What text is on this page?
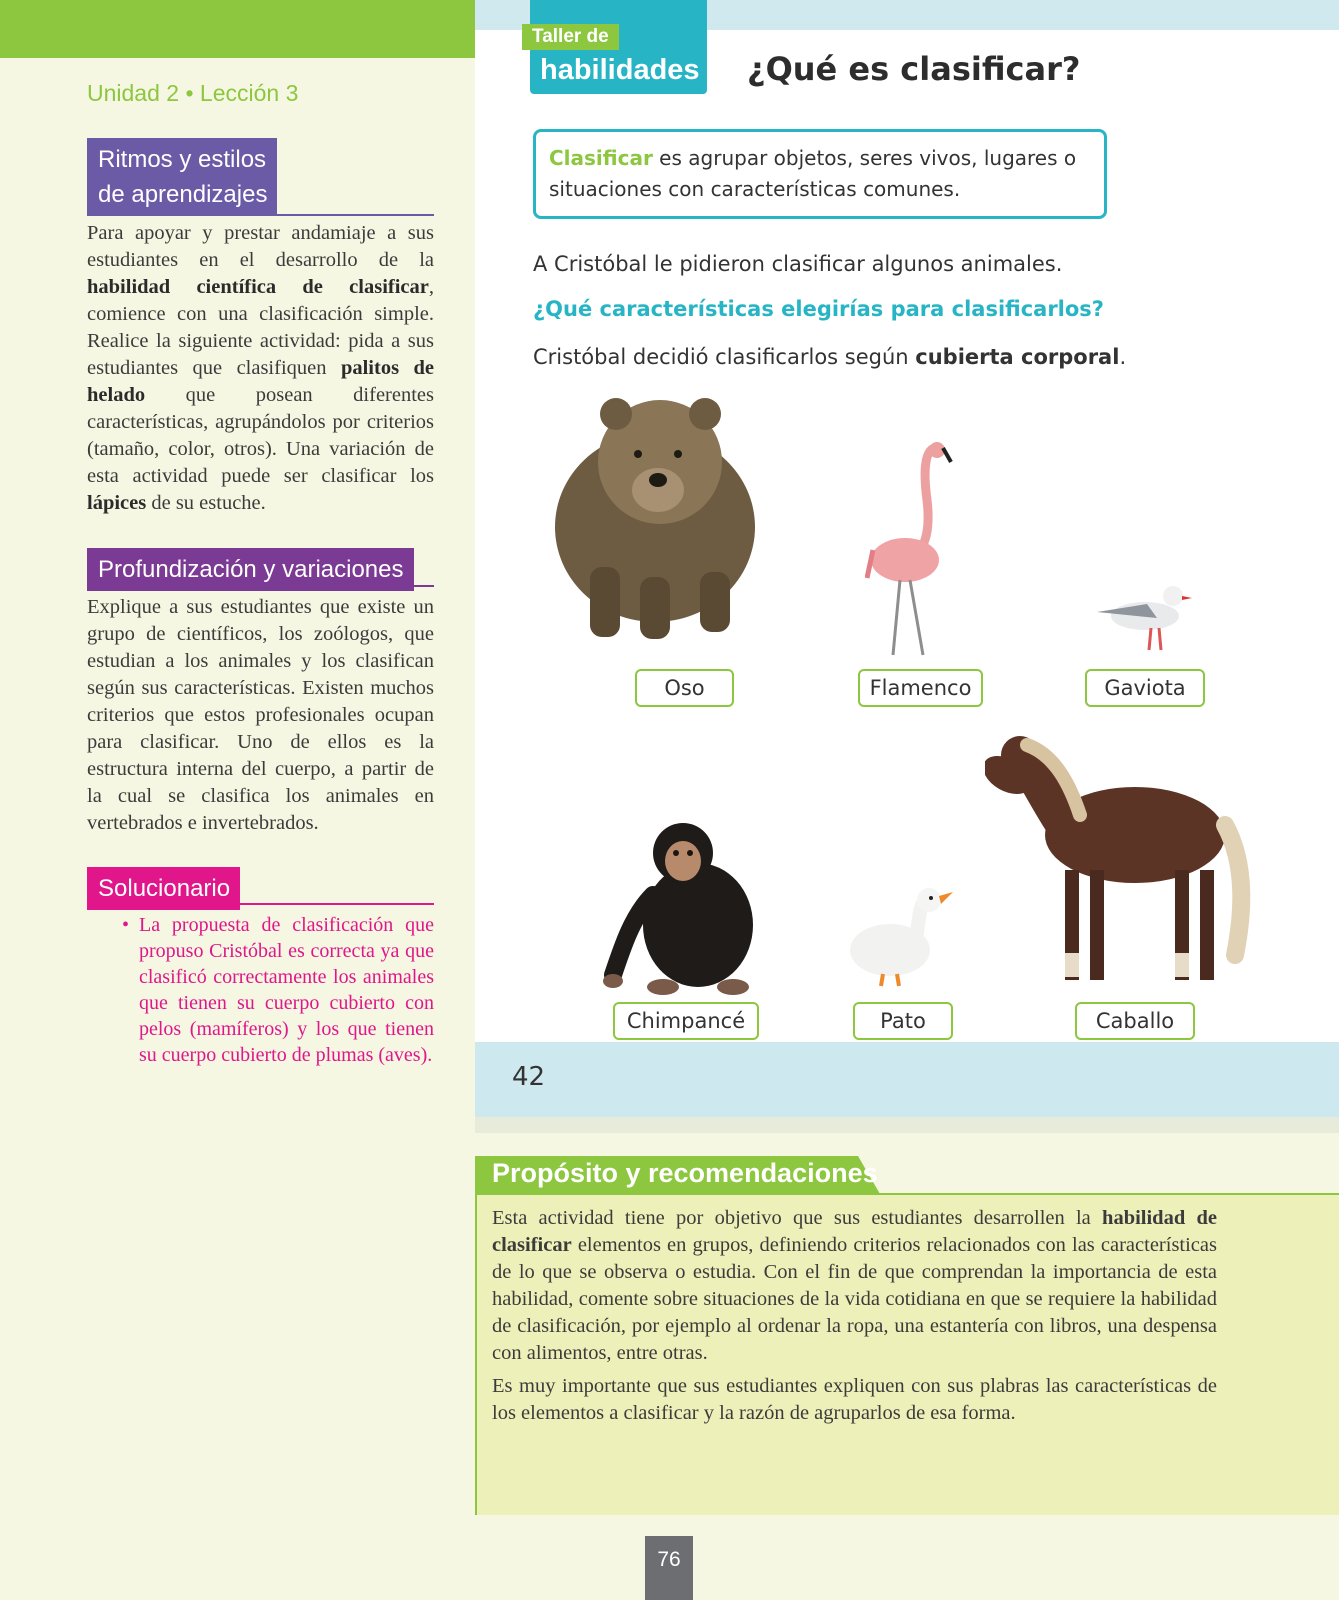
Unidad 2 • Lección 3
Ritmos y estilos
de aprendizajes
Para apoyar y prestar andamiaje a sus estudiantes en el desarrollo de la habilidad científica de clasificar, comience con una clasificación simple. Realice la siguiente actividad: pida a sus estudiantes que clasifiquen palitos de helado que posean diferentes características, agrupándolos por criterios (tamaño, color, otros). Una variación de esta actividad puede ser clasificar los lápices de su estuche.
Profundización y variaciones
Explique a sus estudiantes que existe un grupo de científicos, los zoólogos, que estudian a los animales y los clasifican según sus características. Existen muchos criterios que estos profesionales ocupan para clasificar. Uno de ellos es la estructura interna del cuerpo, a partir de la cual se clasifica los animales en vertebrados e invertebrados.
Solucionario
• La propuesta de clasificación que propuso Cristóbal es correcta ya que clasificó correctamente los animales que tienen su cuerpo cubierto con pelos (mamíferos) y los que tienen su cuerpo cubierto de plumas (aves).
Taller de
habilidades ¿Qué es clasificar?
Clasificar es agrupar objetos, seres vivos, lugares o situaciones con características comunes.
A Cristóbal le pidieron clasificar algunos animales.
¿Qué características elegirías para clasificarlos?
Cristóbal decidió clasificarlos según cubierta corporal.
Oso	Flamenco	Gaviota
Chimpancé	Pato	Caballo
42
Propósito y recomendaciones

Esta actividad tiene por objetivo que sus estudiantes desarrollen la habilidad de clasificar elementos en grupos, definiendo criterios relacionados con las características de lo que se observa o estudia. Con el fin de que comprendan la importancia de esta habilidad, comente sobre situaciones de la vida cotidiana en que se requiere la habilidad de clasificación, por ejemplo al ordenar la ropa, una estantería con libros, una despensa con alimentos, entre otras.

Es muy importante que sus estudiantes expliquen con sus plabras las características de los elementos a clasificar y la razón de agruparlos de esa forma.

76
